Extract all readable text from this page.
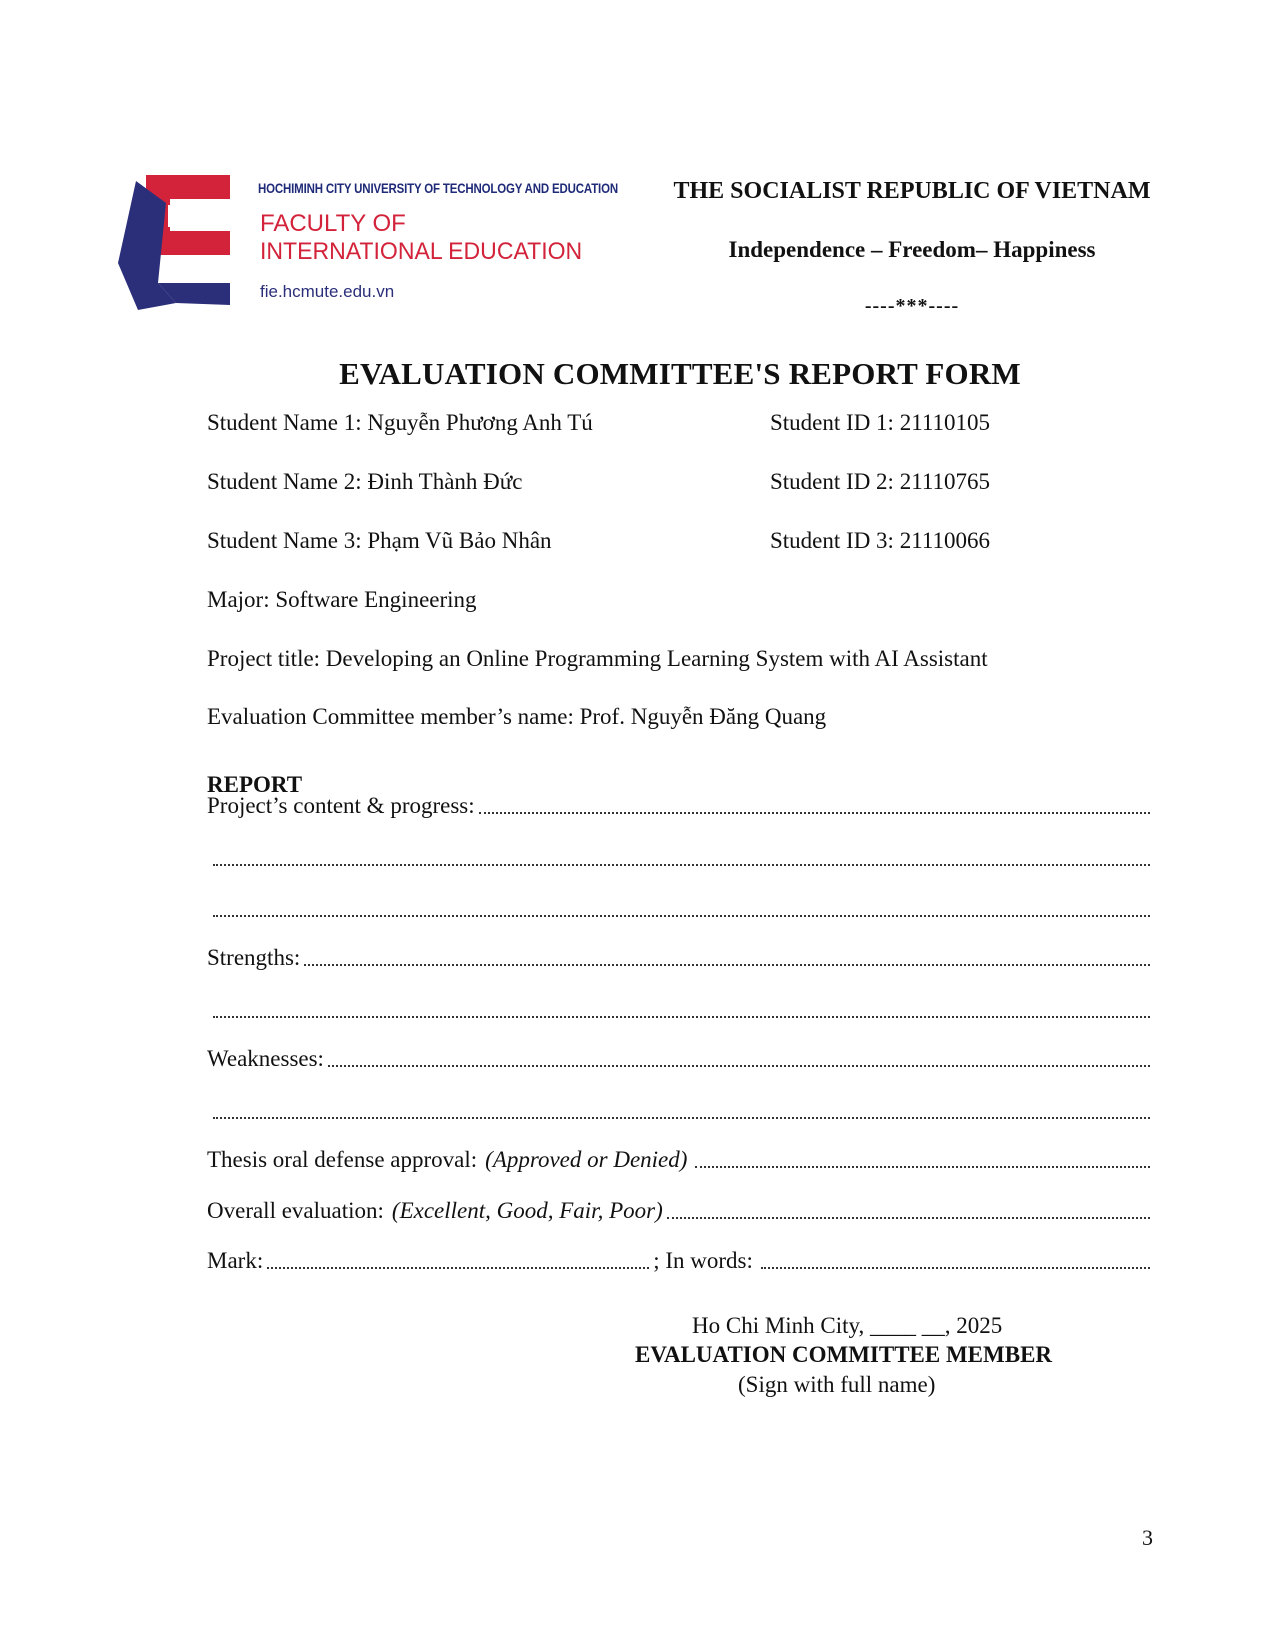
HOCHIMINH CITY UNIVERSITY OF TECHNOLOGY AND EDUCATION
FACULTY OF
INTERNATIONAL EDUCATION
fie.hcmute.edu.vn
THE SOCIALIST REPUBLIC OF VIETNAM
Independence – Freedom– Happiness
----***----
EVALUATION COMMITTEE'S REPORT FORM
Student Name 1: Nguyễn Phương Anh Tú	Student ID 1: 21110105
Student Name 2: Đinh Thành Đức	Student ID 2: 21110765
Student Name 3: Phạm Vũ Bảo Nhân	Student ID 3: 21110066
Major: Software Engineering
Project title: Developing an Online Programming Learning System with AI Assistant
Evaluation Committee member’s name: Prof. Nguyễn Đăng Quang
REPORT
Project’s content & progress:
Strengths:
Weaknesses:
Thesis oral defense approval: (Approved or Denied)
Overall evaluation: (Excellent, Good, Fair, Poor)
Mark:	; In words:
Ho Chi Minh City, ____ __, 2025
EVALUATION COMMITTEE MEMBER
(Sign with full name)
3
